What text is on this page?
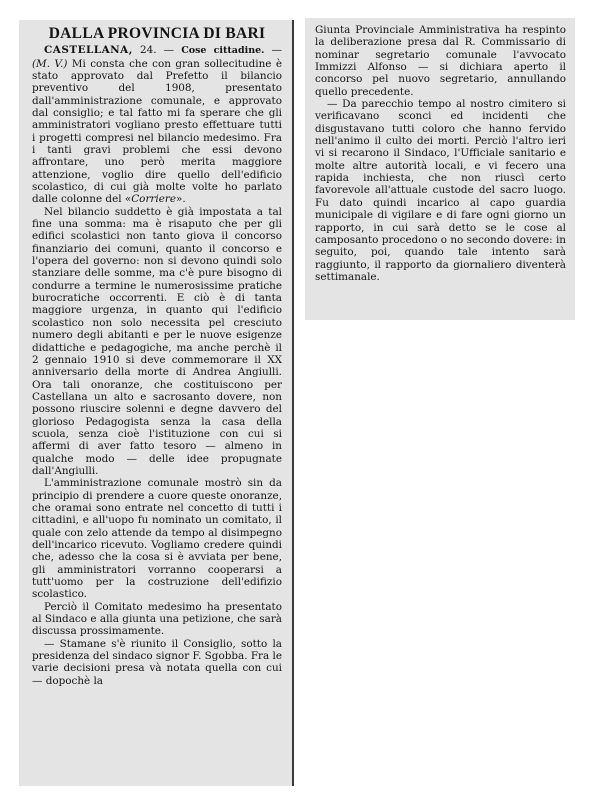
DALLA PROVINCIA DI BARI

CASTELLANA, 24. — Cose cittadine. — (M. V.) Mi consta che con gran sollecitudine è stato approvato dal Prefetto il bilancio preventivo del 1908, presentato dall'amministrazione comunale, e approvato dal consiglio; e tal fatto mi fa sperare che gli amministratori vogliano presto effettuare tutti i progetti compresi nel bilancio medesimo. Fra i tanti gravi problemi che essi devono affrontare, uno però merita maggiore attenzione, voglio dire quello dell'edificio scolastico, di cui già molte volte ho parlato dalle colonne del «Corriere».

Nel bilancio suddetto è già impostata a tal fine una somma: ma è risaputo che per gli edifici scolastici non tanto giova il concorso finanziario dei comuni, quanto il concorso e l'opera del governo: non si devono quindi solo stanziare delle somme, ma c'è pure bisogno di condurre a termine le numerosissime pratiche burocratiche occorrenti. E ciò è di tanta maggiore urgenza, in quanto qui l'edificio scolastico non solo necessita pel cresciuto numero degli abitanti e per le nuove esigenze didattiche e pedagogiche, ma anche perchè il 2 gennaio 1910 si deve commemorare il XX anniversario della morte di Andrea Angiulli. Ora tali onoranze, che costituiscono per Castellana un alto e sacrosanto dovere, non possono riuscire solenni e degne davvero del glorioso Pedagogista senza la casa della scuola, senza cioè l'istituzione con cui si affermi di aver fatto tesoro — almeno in qualche modo — delle idee propugnate dall'Angiulli.

L'amministrazione comunale mostrò sin da principio di prendere a cuore queste onoranze, che oramai sono entrate nel concetto di tutti i cittadini, e all'uopo fu nominato un comitato, il quale con zelo attende da tempo al disimpegno dell'incarico ricevuto. Vogliamo credere quindi che, adesso che la cosa si è avviata per bene, gli amministratori vorranno cooperarsi a tutt'uomo per la costruzione dell'edifizio scolastico.

Perciò il Comitato medesimo ha presentato al Sindaco e alla giunta una petizione, che sarà discussa prossimamente.

— Stamane s'è riunito il Consiglio, sotto la presidenza del sindaco signor F. Sgobba. Fra le varie decisioni presa và notata quella con cui — dopochè la

Giunta Provinciale Amministrativa ha respinto la deliberazione presa dal R. Commissario di nominar segretario comunale l'avvocato Immizzi Alfonso — si dichiara aperto il concorso pel nuovo segretario, annullando quello precedente.

— Da parecchio tempo al nostro cimitero si verificavano sconci ed incidenti che disgustavano tutti coloro che hanno fervido nell'animo il culto dei morti. Perciò l'altro ieri vi si recarono il Sindaco, l'Ufficiale sanitario e molte altre autorità locali, e vi fecero una rapida inchiesta, che non riuscì certo favorevole all'attuale custode del sacro luogo. Fu dato quindi incarico al capo guardia municipale di vigilare e di fare ogni giorno un rapporto, in cui sarà detto se le cose al camposanto procedono o no secondo dovere: in seguito, poi, quando tale intento sarà raggiunto, il rapporto da giornaliero diventerà settimanale.
